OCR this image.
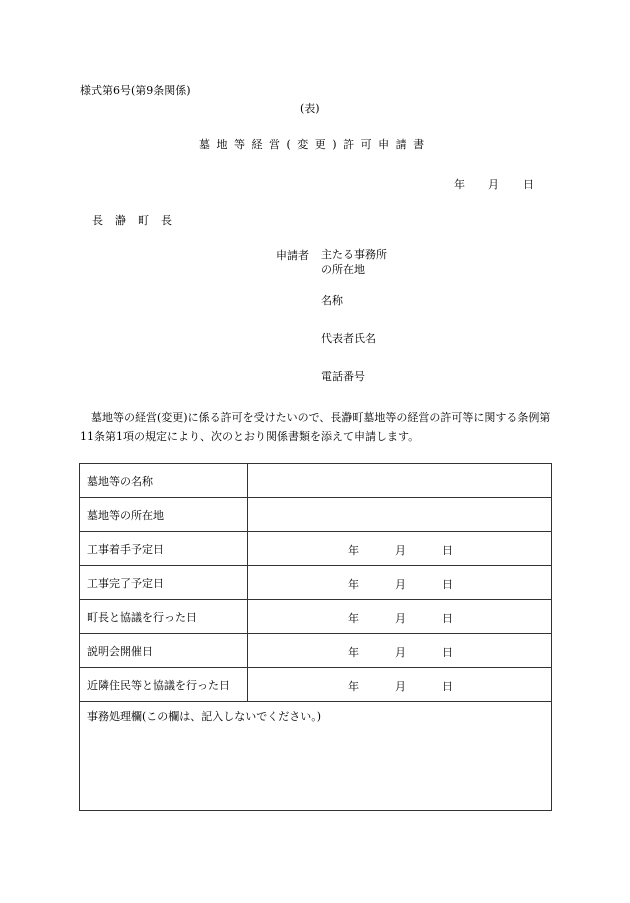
様式第6号(第9条関係)
(表)
墓地等経営(変更)許可申請書
年 月 日
長瀞町長
申請者 主たる事務所
の所在地
名称
代表者氏名
電話番号
墓地等の経営(変更)に係る許可を受けたいので、長瀞町墓地等の経営の許可等に関する条例第11条第1項の規定により、次のとおり関係書類を添えて申請します。
墓地等の名称	
墓地等の所在地	
工事着手予定日	年 月 日

工事完了予定日	年 月 日

町長と協議を行った日	年 月 日

説明会開催日	年 月 日

近隣住民等と協議を行った日	年 月 日

事務処理欄(この欄は、記入しないでください。)	
